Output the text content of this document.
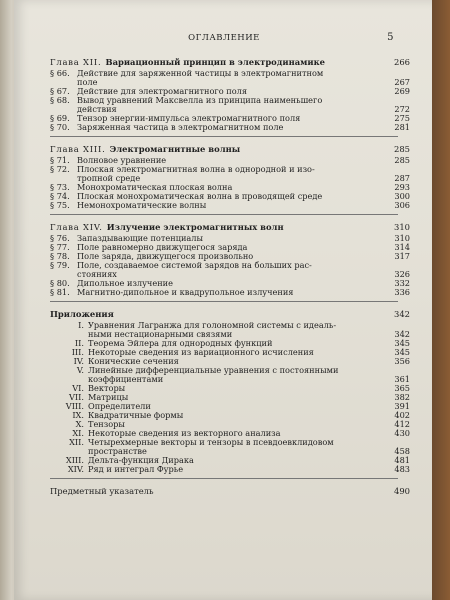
ОГЛАВЛЕНИЕ	5
Глава XII. Вариационный принцип в электродинамике	266
§ 66. Действие для заряженной частицы в электромагнитном
поле	267
§ 67. Действие для электромагнитного поля	269
§ 68. Вывод уравнений Максвелла из принципа наименьшего
действия	272
§ 69. Тензор энергии-импульса электромагнитного поля	275
§ 70. Заряженная частица в электромагнитном поле	281
Глава XIII. Электромагнитные волны	285
§ 71. Волновое уравнение	285
§ 72. Плоская электромагнитная волна в однородной и изо-
тропной среде	287
§ 73. Монохроматическая плоская волна	293
§ 74. Плоская монохроматическая волна в проводящей среде	300
§ 75. Немонохроматические волны	306
Глава XIV. Излучение электромагнитных волн	310
§ 76. Запаздывающие потенциалы	310
§ 77. Поле равномерно движущегося заряда	314
§ 78. Поле заряда, движущегося произвольно	317
§ 79. Поле, создаваемое системой зарядов на больших рас-
стояниях	326
§ 80. Дипольное излучение	332
§ 81. Магнитно-дипольное и квадрупольное излучения	336
Приложения	342
I. Уравнения Лагранжа для голономной системы с идеаль-
ными нестационарными связями	342
II. Теорема Эйлера для однородных функций	345
III. Некоторые сведения из вариационного исчисления	345
IV. Конические сечения	356
V. Линейные дифференциальные уравнения с постоянными
коэффициентами	361
VI. Векторы	365
VII. Матрицы	382
VIII. Определители	391
IX. Квадратичные формы	402
X. Тензоры	412
XI. Некоторые сведения из векторного анализа	430
XII. Четырехмерные векторы и тензоры в псевдоевклидовом
пространстве	458
XIII. Дельта-функция Дирака	481
XIV. Ряд и интеграл Фурье	483
Предметный указатель	490
